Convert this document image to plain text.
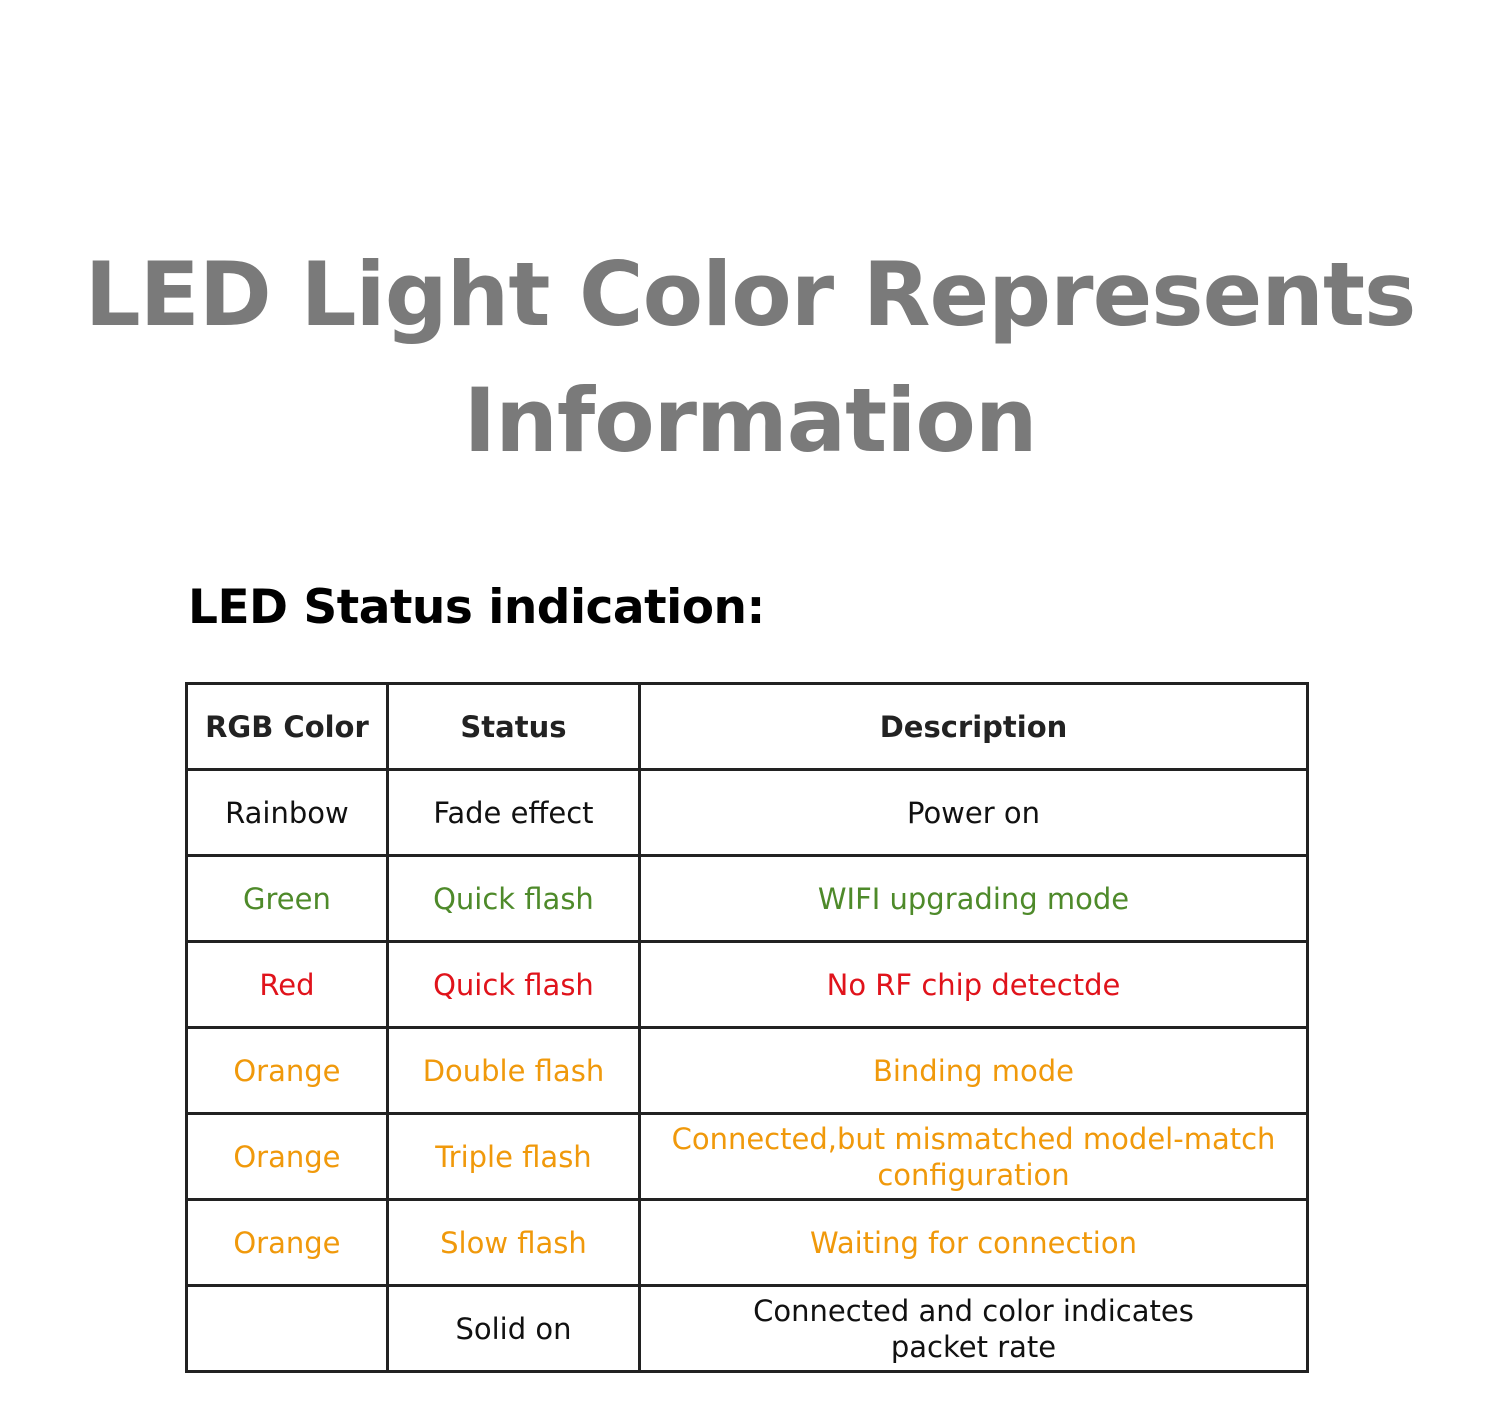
LED Light Color Represents
Information
LED Status indication:
RGB Color	Status	Description
Rainbow	Fade effect	Power on

Green	Quick flash	WIFI upgrading mode

Red	Quick flash	No RF chip detectde

Orange	Double flash	Binding mode

Orange	Triple flash	Connected,but mismatched model-match
configuration

Orange	Slow flash	Waiting for connection

	Solid on	Connected and color indicates
packet rate
